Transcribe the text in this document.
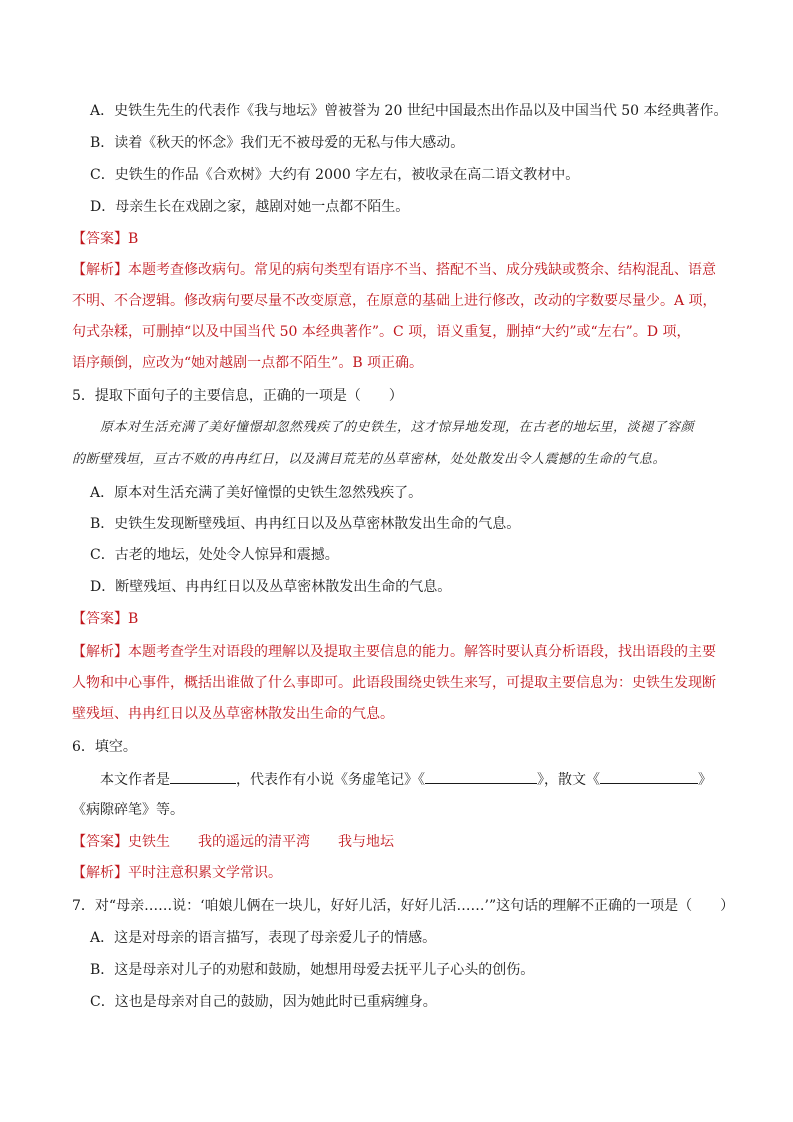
A．史铁生先生的代表作《我与地坛》曾被誉为 20 世纪中国最杰出作品以及中国当代 50 本经典著作。
B．读着《秋天的怀念》我们无不被母爱的无私与伟大感动。
C．史铁生的作品《合欢树》大约有 2000 字左右，被收录在高二语文教材中。
D．母亲生长在戏剧之家，越剧对她一点都不陌生。
【答案】B
【解析】本题考查修改病句。常见的病句类型有语序不当、搭配不当、成分残缺或赘余、结构混乱、语意
不明、不合逻辑。修改病句要尽量不改变原意，在原意的基础上进行修改，改动的字数要尽量少。A 项，
句式杂糅，可删掉“以及中国当代 50 本经典著作”。C 项，语义重复，删掉“大约”或“左右”。D 项，
语序颠倒，应改为“她对越剧一点都不陌生”。B 项正确。
5．提取下面句子的主要信息，正确的一项是（　　）
原本对生活充满了美好憧憬却忽然残疾了的史铁生，这才惊异地发现，在古老的地坛里，淡褪了容颜
的断壁残垣，亘古不败的冉冉红日，以及满目荒芜的丛草密林，处处散发出令人震撼的生命的气息。
A．原本对生活充满了美好憧憬的史铁生忽然残疾了。
B．史铁生发现断壁残垣、冉冉红日以及丛草密林散发出生命的气息。
C．古老的地坛，处处令人惊异和震撼。
D．断壁残垣、冉冉红日以及丛草密林散发出生命的气息。
【答案】B
【解析】本题考查学生对语段的理解以及提取主要信息的能力。解答时要认真分析语段，找出语段的主要
人物和中心事件，概括出谁做了什么事即可。此语段围绕史铁生来写，可提取主要信息为：史铁生发现断
壁残垣、冉冉红日以及丛草密林散发出生命的气息。
6．填空。
本文作者是	，代表作有小说《务虚笔记》《	》，散文《	》
《病隙碎笔》等。
【答案】史铁生 我的遥远的清平湾 我与地坛
【解析】平时注意积累文学常识。
7．对“母亲……说：‘咱娘儿俩在一块儿，好好儿活，好好儿活……’”这句话的理解不正确的一项是（　　）
A．这是对母亲的语言描写，表现了母亲爱儿子的情感。
B．这是母亲对儿子的劝慰和鼓励，她想用母爱去抚平儿子心头的创伤。
C．这也是母亲对自己的鼓励，因为她此时已重病缠身。
